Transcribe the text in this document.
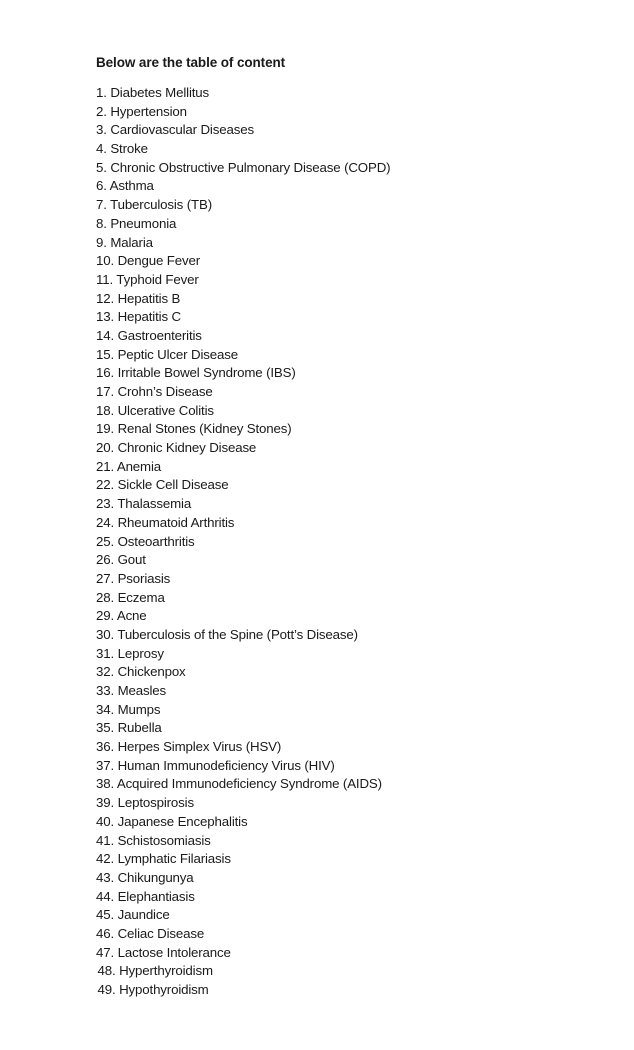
Below are the table of content
1. Diabetes Mellitus
2. Hypertension
3. Cardiovascular Diseases
4. Stroke
5. Chronic Obstructive Pulmonary Disease (COPD)
6. Asthma
7. Tuberculosis (TB)
8. Pneumonia
9. Malaria
10. Dengue Fever
11. Typhoid Fever
12. Hepatitis B
13. Hepatitis C
14. Gastroenteritis
15. Peptic Ulcer Disease
16. Irritable Bowel Syndrome (IBS)
17. Crohn’s Disease
18. Ulcerative Colitis
19. Renal Stones (Kidney Stones)
20. Chronic Kidney Disease
21. Anemia
22. Sickle Cell Disease
23. Thalassemia
24. Rheumatoid Arthritis
25. Osteoarthritis
26. Gout
27. Psoriasis
28. Eczema
29. Acne
30. Tuberculosis of the Spine (Pott’s Disease)
31. Leprosy
32. Chickenpox
33. Measles
34. Mumps
35. Rubella
36. Herpes Simplex Virus (HSV)
37. Human Immunodeficiency Virus (HIV)
38. Acquired Immunodeficiency Syndrome (AIDS)
39. Leptospirosis
40. Japanese Encephalitis
41. Schistosomiasis
42. Lymphatic Filariasis
43. Chikungunya
44. Elephantiasis
45. Jaundice
46. Celiac Disease
47. Lactose Intolerance
48. Hyperthyroidism
49. Hypothyroidism
